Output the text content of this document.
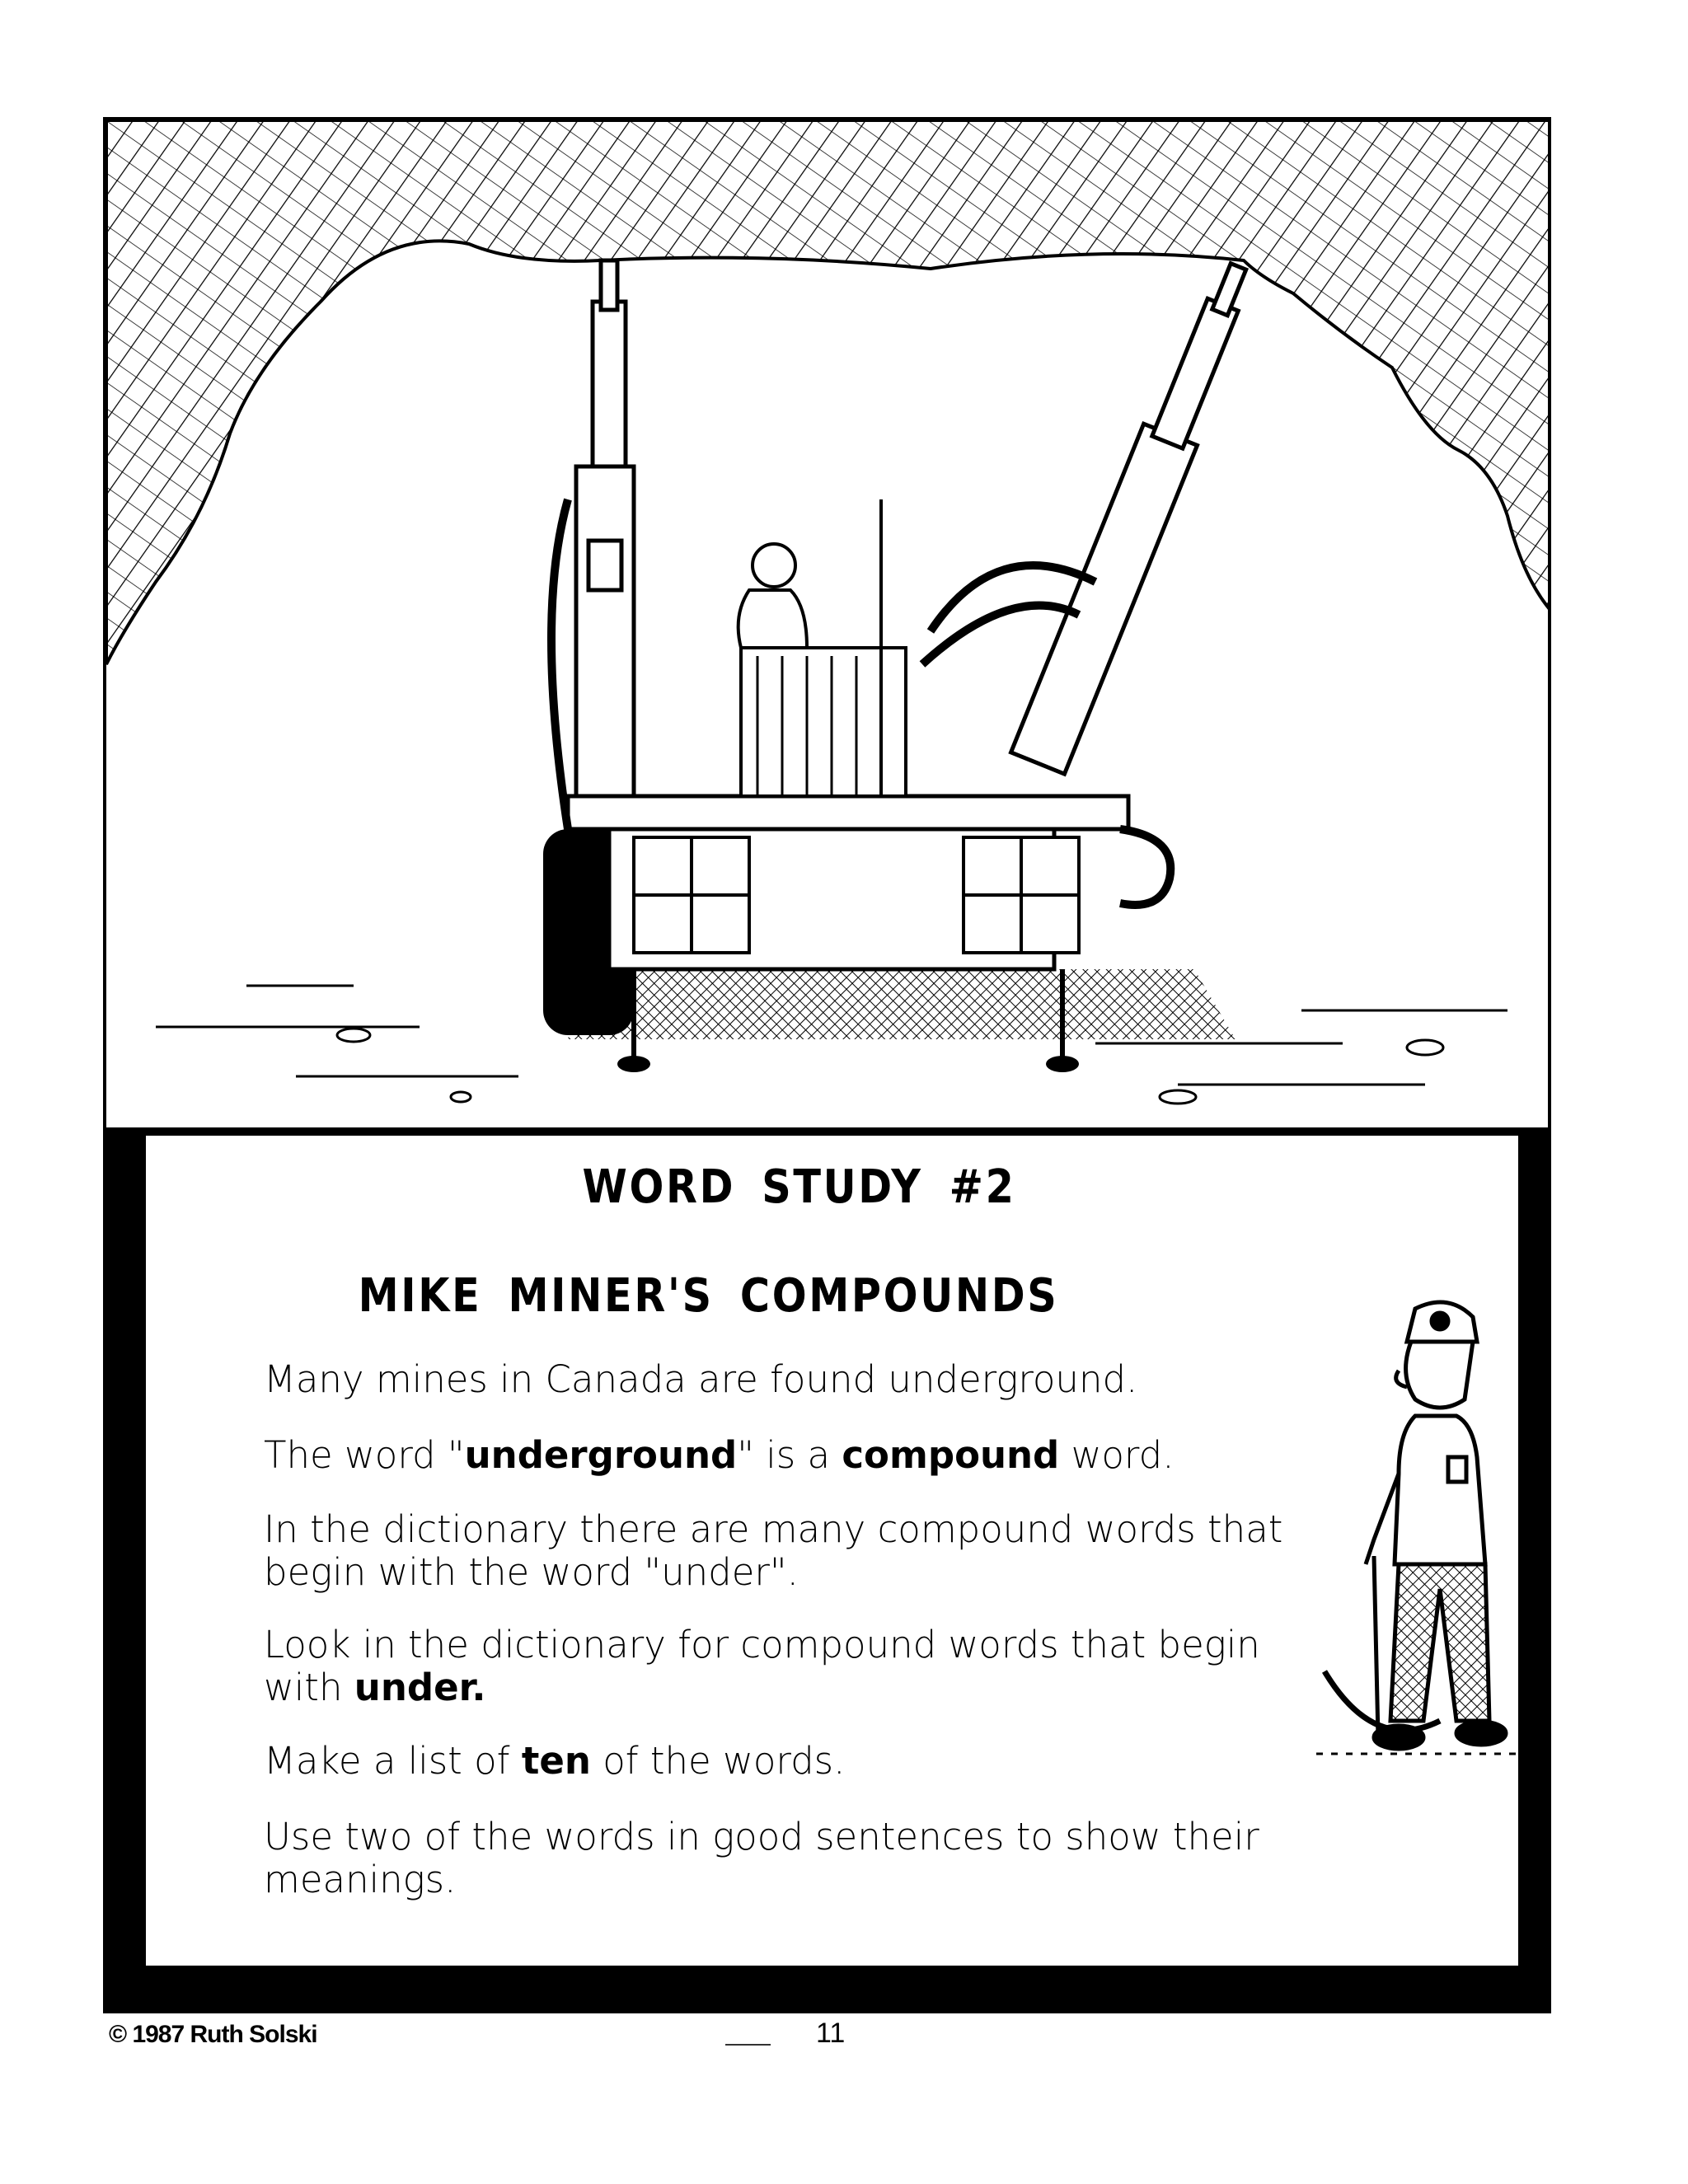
WORD STUDY #2
MIKE MINER'S COMPOUNDS
Many mines in Canada are found underground.
The word "underground" is a compound word.
In the dictionary there are many compound words that begin with the word "under".
Look in the dictionary for compound words that begin with under.
Make a list of ten of the words.
Use two of the words in good sentences to show their meanings.
© 1987 Ruth Solski	11
